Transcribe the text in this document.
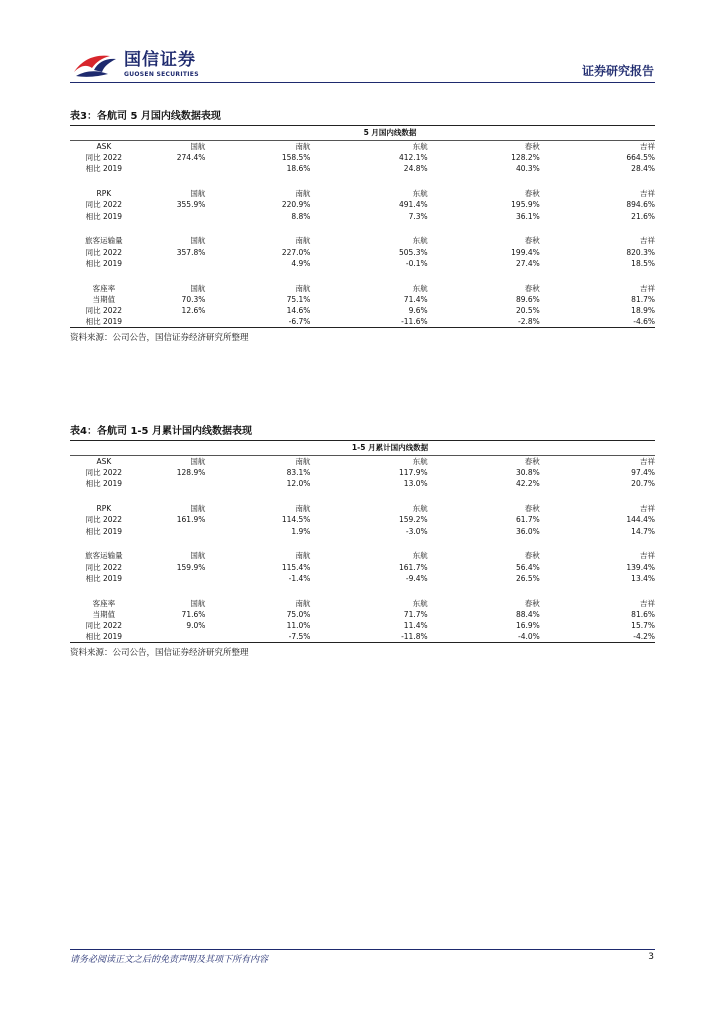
国信证券
GUOSEN SECURITIES	证券研究报告
表3：各航司 5 月国内线数据表现
5 月国内线数据
ASK	国航	南航	东航	春秋	吉祥
同比 2022	274.4%	158.5%	412.1%	128.2%	664.5%
相比 2019		18.6%	24.8%	40.3%	28.4%

RPK	国航	南航	东航	春秋	吉祥
同比 2022	355.9%	220.9%	491.4%	195.9%	894.6%
相比 2019		8.8%	7.3%	36.1%	21.6%

旅客运输量	国航	南航	东航	春秋	吉祥
同比 2022	357.8%	227.0%	505.3%	199.4%	820.3%
相比 2019		4.9%	-0.1%	27.4%	18.5%

客座率	国航	南航	东航	春秋	吉祥
当期值	70.3%	75.1%	71.4%	89.6%	81.7%
同比 2022	12.6%	14.6%	9.6%	20.5%	18.9%
相比 2019		-6.7%	-11.6%	-2.8%	-4.6%
资料来源：公司公告，国信证券经济研究所整理
表4：各航司 1-5 月累计国内线数据表现
1-5 月累计国内线数据
ASK	国航	南航	东航	春秋	吉祥
同比 2022	128.9%	83.1%	117.9%	30.8%	97.4%
相比 2019		12.0%	13.0%	42.2%	20.7%

RPK	国航	南航	东航	春秋	吉祥
同比 2022	161.9%	114.5%	159.2%	61.7%	144.4%
相比 2019		1.9%	-3.0%	36.0%	14.7%

旅客运输量	国航	南航	东航	春秋	吉祥
同比 2022	159.9%	115.4%	161.7%	56.4%	139.4%
相比 2019		-1.4%	-9.4%	26.5%	13.4%

客座率	国航	南航	东航	春秋	吉祥
当期值	71.6%	75.0%	71.7%	88.4%	81.6%
同比 2022	9.0%	11.0%	11.4%	16.9%	15.7%
相比 2019		-7.5%	-11.8%	-4.0%	-4.2%
资料来源：公司公告，国信证券经济研究所整理
请务必阅读正文之后的免责声明及其项下所有内容	3
